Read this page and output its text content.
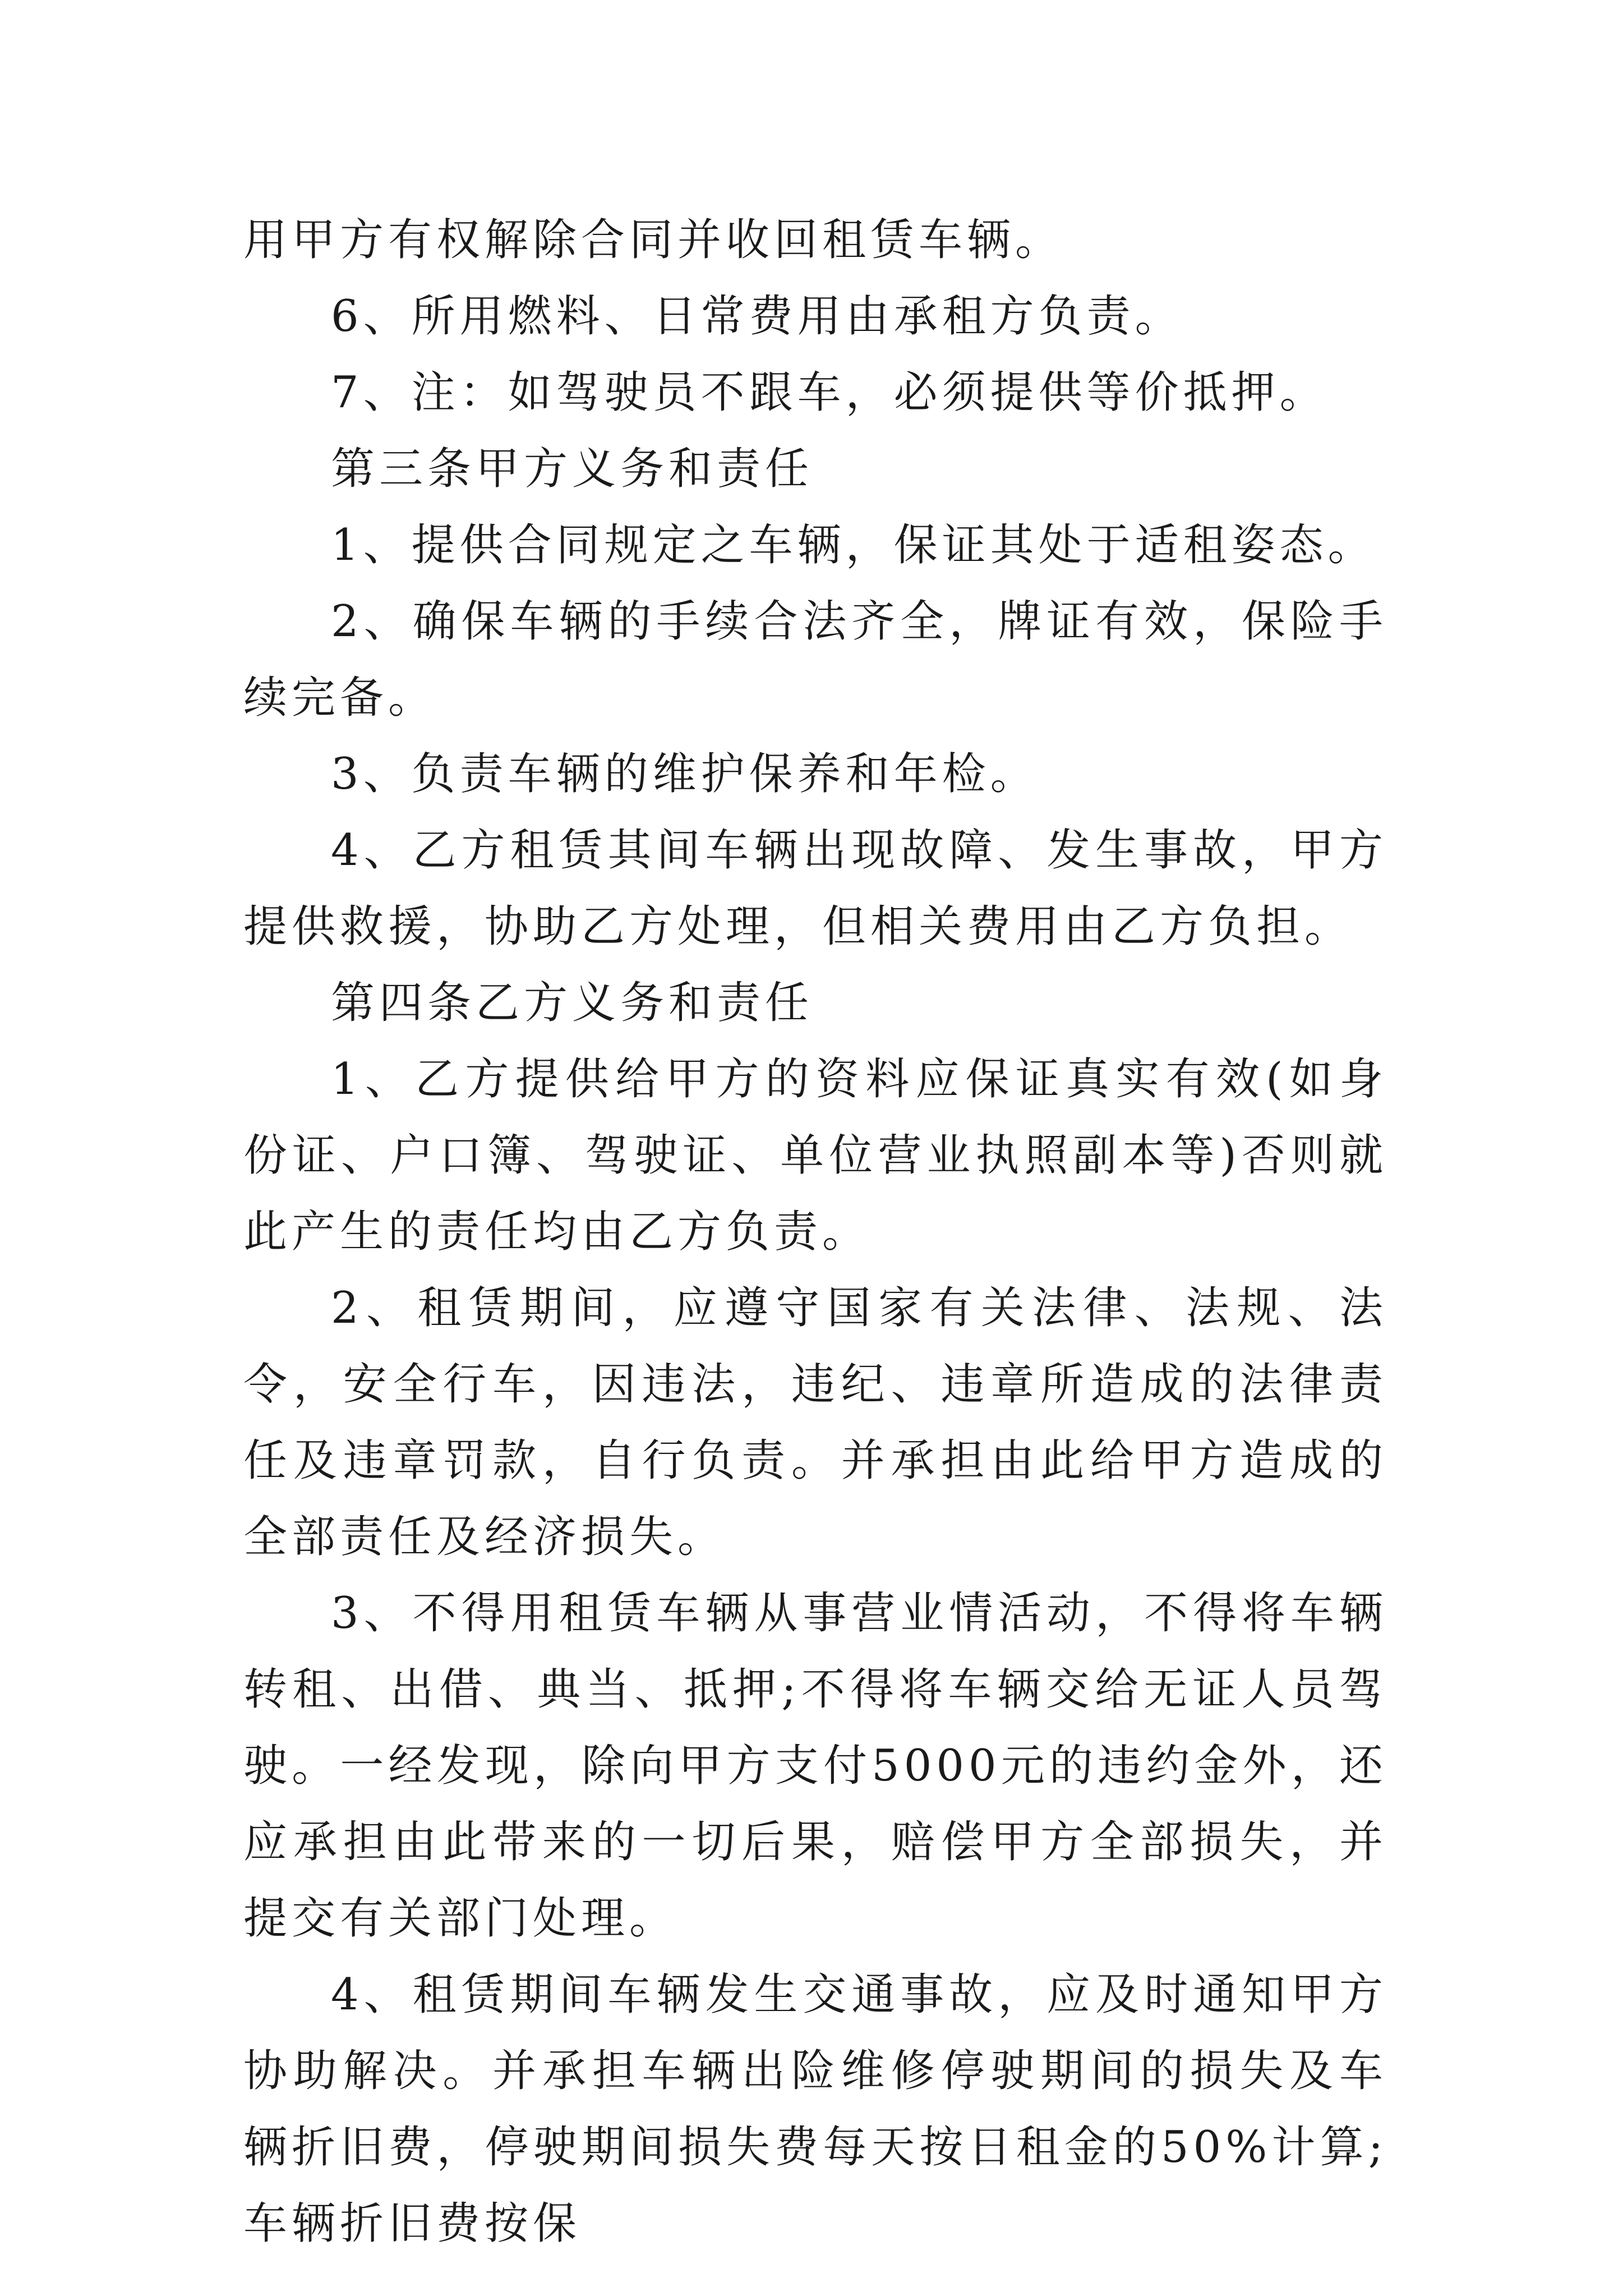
用甲方有权解除合同并收回租赁车辆。

6、所用燃料、日常费用由承租方负责。

7、注：如驾驶员不跟车，必须提供等价抵押。

第三条甲方义务和责任

1、提供合同规定之车辆，保证其处于适租姿态。

2、确保车辆的手续合法齐全，牌证有效，保险手续完备。

3、负责车辆的维护保养和年检。

4、乙方租赁其间车辆出现故障、发生事故，甲方提供救援，协助乙方处理，但相关费用由乙方负担。

第四条乙方义务和责任

1、乙方提供给甲方的资料应保证真实有效(如身份证、户口簿、驾驶证、单位营业执照副本等)否则就此产生的责任均由乙方负责。

2、租赁期间，应遵守国家有关法律、法规、法令，安全行车，因违法，违纪、违章所造成的法律责任及违章罚款，自行负责。并承担由此给甲方造成的全部责任及经济损失。

3、不得用租赁车辆从事营业情活动，不得将车辆转租、出借、典当、抵押;不得将车辆交给无证人员驾驶。一经发现，除向甲方支付5000元的违约金外，还应承担由此带来的一切后果，赔偿甲方全部损失，并提交有关部门处理。

4、租赁期间车辆发生交通事故，应及时通知甲方协助解决。并承担车辆出险维修停驶期间的损失及车辆折旧费，停驶期间损失费每天按日租金的50%计算;车辆折旧费按保
